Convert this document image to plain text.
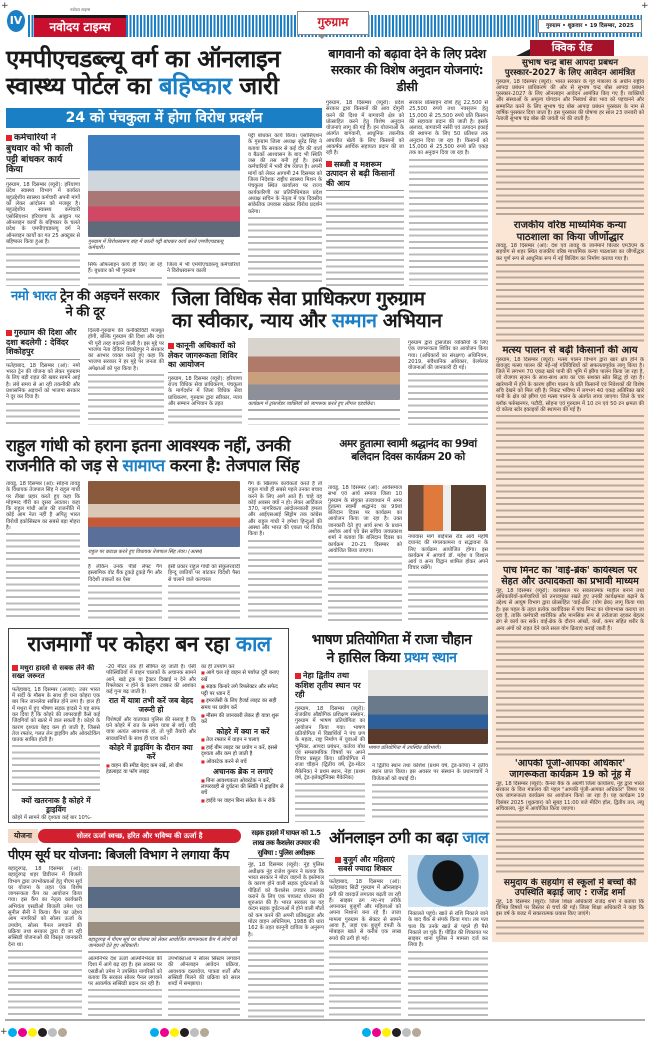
IV	नवोदय टाइम्स
नवोदय टाइम्स
गुरुग्राम	गुरुग्राम • शुक्रवार • 19 दिसम्बर, 2025
एमपीएचडब्ल्यू वर्ग का ऑनलाइन
स्वास्थ्य पोर्टल का बहिष्कार जारी
24 को पंचकुला में होगा विरोध प्रदर्शन
कर्मचारियों ने बुधवार को भी काली पट्टी बांधकर कार्य किया
गुरुग्राम, 18 दिसम्बर (ब्यूरो): हरियाणा प्रदेश स्वास्थ्य विभाग में कार्यरत बहुउद्देशीय स्वास्थ्य कर्मचारी अपनी मांगों को लेकर आंदोलन को मजबूर है। बहुउद्देशीय स्वास्थ्य कर्मचारी एसोसिएशन हरियाणा के आह्वान पर ऑनलाइन कार्यों के बहिष्कार के चलते प्रदेश के एमपीएचडब्ल्यू वर्ग ने ऑनलाइन कार्यों का गत 25 अक्टूबर से बहिष्कार किया हुआ है।	गुरुग्राम में विरोधस्वरूप बांह में काली पट्टी बांधकर कार्य करते एमपीएचडब्ल्यू कर्मचारी।
सिर्फ ऑफलाइन कार्य ही किए जा रहे हैं। बुधवार को भी गुरुग्राम
जिला में भी एमपीएचडब्ल्यू कर्मचारियों ने विरोधस्वरूप काली
पट्टी बांधकर कार्य किया। एसोसिएशन के गुरुग्राम जिला अध्यक्ष सुरेंद्र सिंह ने बताया कि सरकार से कई दौर की वार्ता व बैठकों आश्वासन के बाद भी स्थिति जस की तस बनी हुई है। इससे कर्मचारियों में भारी रोष व्याप्त है। अपनी मांगों को लेकर आगामी 24 दिसम्बर को जिला निदेशक राष्ट्रीय स्वास्थ्य मिशन के पंचकुला स्थित कार्यालय पर राज्य कार्यकारिणी का प्रतिनिधिमंडल प्रदेश अध्यक्ष सचिन के नेतृत्व में एक दिवसीय सांकेतिक उपवास रखकर विरोध प्रदर्शन करेगा।
बागवानी को बढ़ावा देने के लिए प्रदेश सरकार की विशेष अनुदान योजनाएं: डीसी
गुरुग्राम, 18 दिसम्बर (ब्यूरो): प्रदेश सरकार द्वारा किसानों की आय दोगुनी करने की दिशा में बागवानी क्षेत्र को प्रोत्साहित करने हेतु विशेष अनुदान योजनाएं लागू की गई हैं। इन योजनाओं के अंतर्गत बागवानी, आधुनिक तकनीक आधारित खेती के लिए किसानों को आकर्षक आर्थिक सहायता प्रदान की जा रही है।
सब्जी व मशरूम उत्पादन से बढ़ी किसानों की आय
सरकार प्रोत्साहन राशि हेतु 22,500 से 25,500 रुपये तथा नवसृजन हेतु 15,000 से 25,500 रुपये प्रति किसान की सहायता प्रदान की जाती है। इसके अलावा, बागवानी नर्सरी एवं उत्पादन इकाई की स्थापना के लिए 50 प्रतिशत तक अनुदान दिया जा रहा है। किसानों को 15,000 से 25,500 रुपये प्रति एकड़ तक का अनुदान दिया जा रहा है।
क्विक रीड
सुभाष चन्द्र बोस आपदा प्रबंधन पुरस्कार-2027 के लिए आवेदन आमंत्रित
गुरुग्राम, 18 दिसम्बर (ब्यूरो): भारत सरकार के गृह मंत्रालय के अधीन राष्ट्रीय आपदा प्रबंधन प्राधिकरण की ओर से सुभाष चन्द्र बोस आपदा प्रबंधन पुरस्कार-2027 के लिए ऑनलाइन आवेदन आमंत्रित किए गए हैं। व्यक्तियों और संस्थाओं के अमूल्य योगदान और निस्वार्थ सेवा भाव को पहचानने और सम्मानित करने के लिए सुभाष चंद्र बोस आपदा प्रबंधन पुरस्कार के नाम से वार्षिक पुरस्कार दिया जाता है। इस पुरस्कार की घोषणा हर साल 23 जनवरी को नेताजी सुभाष चंद्र बोस की जयंती पर की जाती है।
राजकीय वरिष्ठ माध्यमिक कन्या पाठशाला का किया जीर्णोद्धार
तावडू, 18 दिसम्बर (आं): देश एवं तावडू के जानेमाने बिल्डर एम3एम के सहयोग से शहर स्थित राजकीय वरिष्ठ माध्यमिक कन्या पाठशाला का जीर्णोद्धार कर पूर्ण रूप से आधुनिक रूप में नई बिल्डिंग का निर्माण कराया गया है।
मत्स्य पालन से बढ़ी किसानों की आय
गुरुग्राम, 18 दिसम्बर (ब्यूरो): मत्स्य पालन विभाग द्वारा खारे क्षेत्र होने के बावजूद मत्स्य पालन की नई-नई गतिविधियों को सफलतापूर्वक लागू किया है। जिले में लगभग 70 एकड़ खारे पानी की भूमि में झींगा पालन किया जा रहा है, जो रोजगार सृजन के साथ-साथ आय का एक सशक्त स्रोत सिद्ध हो रहा है। खारेपानी में होने के कारण झींगा पालन के प्रति किसानों एवं निवेशकों की विशेष रुचि देखने को मिल रही है। निकट भविष्य में लगभग 40 एकड़ अतिरिक्त खारे पानी के क्षेत्र को झींगा एवं मत्स्य पालन के अंतर्गत लाया जाएगा। जिले के चार ब्लॉक फर्रुखनगर, पटौदी, सोहना एवं गुरुग्राम में 10 टन एवं 50 टन क्षमता की दो कोल्ड स्टोर इकाइयों की स्थापना की गई है।
पांच मिनट का 'वाई-ब्रेक' कार्यस्थल पर सेहत और उत्पादकता का प्रभावी माध्यम
नूंह, 18 दिसम्बर (ब्यूरो): कार्यस्थल पर सकारात्मक माहौल बनाने तथा अधिकारियों-कर्मचारियों को तनावमुक्त रखते हुए उनकी कार्यक्षमता बढ़ाने के उद्देश्य से आयुष विभाग द्वारा प्रोत्साहित 'वाई-ब्रेक' (योग ब्रेक) लागू किया गया है। इस पहल के तहत प्रत्येक कार्यदिवस में पांच मिनट का योगाभ्यास कराया जा रहा है, ताकि कर्मचारी शारीरिक और मानसिक रूप से तरोताजा रहकर बेहतर ढंग से कार्य कर सकें। वाई-ब्रेक के दौरान आंखों, कंधों, कमर सहित शरीर के अन्य अंगों को राहत देने वाले सरल योग क्रियाएं कराई जाती हैं।
'आपकी पूंजी-आपका अधिकार' जागरूकता कार्यक्रम 19 को नूंह में
नूंह, 18 दिसम्बर (ब्यूरो): कैनरा बैंक के अग्रणी जिला कार्यालय, नूंह द्वारा भारत सरकार के वित्त मंत्रालय की पहल "आपकी पूंजी-आपका अधिकार" विषय पर एक जागरूकता कार्यक्रम का आयोजन किया जा रहा है। यह कार्यक्रम 19 दिसंबर 2025 (शुक्रवार) को सुबह 11:00 बजे मीटिंग हॉल, द्वितीय तल, लघु सचिवालय, नूंह में आयोजित किया जाएगा।
समुदाय के सहयोग से स्कूलों में बच्चों की उपस्थिति बढ़ाई जाए : राजेंद्र शर्मा
नूंह, 18 दिसम्बर (ब्यूरो): जिला शिक्षा अधिकारी राजेंद्र शर्मा ने बताया कि विभिन्न विषयों पर विस्तार से चर्चा की गई। जिला शिक्षा अधिकारी ने कहा कि इस वर्ष के बजट में सकारात्मक प्रयास किए जाएंगे।
नमो भारत ट्रेन की अड़चनें सरकार ने की दूर
गुरुग्राम की दिशा और दशा बदलेगी : देविंदर शिकोहपुर
फतेहाबाद, 18 दिसम्बर (आं): नमो भारत ट्रेन की योजना को लेकर गुरुग्राम के लिए बड़ी राहत की खबर सामने आई है। लंबे समय से आ रही तकनीकी और प्रशासनिक अड़चनों को भाजपा सरकार ने दूर कर दिया है।
दिल्ली-गुरुग्राम की कनेक्टिविटी मजबूत होगी, बल्कि गुरुग्राम की दिशा और दशा भी पूरी तरह बदलने वाली है। इस मुद्दे पर भाजपा नेता देविंदर शिकोहपुर ने सरकार का आभार व्यक्त करते हुए कहा कि भाजपा सरकार ने हर मुद्दे पर जनता की अपेक्षाओं को पूरा किया है।
जिला विधिक सेवा प्राधिकरण गुरुग्राम
का स्वीकार, न्याय और सम्मान अभियान
कानूनी अधिकारों को लेकर जागरूकता शिविर का आयोजन
गुरुग्राम, 18 दिसम्बर (ब्यूरो): हरियाणा राज्य विधिक सेवा प्राधिकरण, पंचकूला के मार्गदर्शन में जिला विधिक सेवा प्राधिकरण, गुरुग्राम द्वारा स्वीकार, न्याय और सम्मान अभियान के तहत	कार्यक्रम में ट्रांसजेंडर व्यक्तियों को जागरूक करते हुए लीगल एडवोकेट।
गुरुग्राम द्वारा ट्रांसजेंडर व्यक्तियों के लिए एक जागरूकता शिविर का आयोजन किया गया। (अधिकारों का संरक्षण) अधिनियम, 2019, संवैधानिक अधिकार, वेलफेयर योजनाओं की जानकारी दी गई।
राहुल गांधी को हराना इतना आवश्यक नहीं, उनकी
राजनीति को जड़ से सामाप्त करना है: तेजपाल सिंह
तावडू, 18 दिसम्बर (आं): सोहना तावडू के विधायक तेजपाल सिंह ने राहुल गांधी पर तीखा प्रहार करते हुए कहा कि मोहम्मद गौरी का दूसरा अवतार। कहा कि राहुल गांधी आज की राजनीति में कोई आम नेता नहीं है अपितु भारत विरोधी इकोसिस्टम का सबसे बड़ा मोहरा है।
राहुल पर कटाक्ष करते हुए विधायक तेजपाल सिंह तंवर। (आसर)
है लेकिन उनके पीछे लेफ्ट गैंग इस्लामिक वोट बैंक टुकड़े टुकड़े गैंग और विदेशी ताकतों का ऐसा
इसी प्रकार राहुल गांधी को सेकुलरवादी हिन्दू जातियों पर बांटकर विदेशी पैसा से चलाने वाले कल्चरल
गैंग के खिलाफ कार्यकर्ता करते हैं तो राहुल गांधी ही सबसे पहले उनका बचाव करने के लिए आगे आते हैं। चाहे वह कोई अवसर क्यों न हो। लेकर आर्टिकल 370, नागरिकता आंदोलनकारी हमला और आईएसआई सिंड्रोम तक कांग्रेस और राहुल गांधी ने हमेशा हिन्दुओं की आस्था और भारत की एकता पर विरोध किया है।
अमर हुतात्मा स्वामी श्रद्धानंद का 99वां बलिदान दिवस कार्यक्रम 20 को
तावडू, 18 दिसम्बर (आं): आर्यसमाज सभा एवं आर्य समाज जिला 10 गुरुग्राम के संयुक्त तत्वावधान में अमर हुतात्मा स्वामी श्रद्धानंद का 99वां बलिदान दिवस पर कार्यक्रम का आयोजन किया जा रहा है। उक्त जानकारी देते हुए आर्य सभा के प्रधान अशोक आर्य एवं प्रेस सचिव जयप्रकाश शर्मा ने बताया कि बलिदान दिवस का कार्यक्रम 20-21 दिसम्बर को आयोजित किया जाएगा।
नपावास मार्ग बाईपास रोड आर्य महर्षि दयानंद की मंगलकामना व सद्भावना के लिए कार्यक्रम आयोजित होगा। इस कार्यक्रम में आचार्य डॉ. महेश व विशाल आर्य व अन्य विद्वान शामिल होकर अपने विचार रखेंगे।
राजमार्गों पर कोहरा बन रहा काल
मथुरा हादसे से सबक लेने की सख्त जरूरत
फतेहाबाद, 18 दिसम्बर (अजय): उत्तर भारत में सर्दी के मौसम के साथ ही घना कोहरा एक बार फिर जानलेवा साबित होने लगा है। हाल ही में मथुरा में हुए भीषण सड़क हादसे ने यह साफ कर दिया है कि कोहरे की लापरवाही कैसे कई जिंदगियों को खतरे में डाल सकती है। कोहरे के कारण दृश्यता बेहद कम हो जाती है, जिससे तेज रफ्तार, गलत लेन ड्राइविंग और ओवरटेकिंग घातक साबित होती है।
क्यों खतरनाक है कोहरे में ड्राइविंग
कोहरे में सामने की दृश्यता कई बार 10%-
-20 मीटर तक ही सीमित रह जाती है। ऐसी परिस्थितियों में वाहन चालकों के अचानक सामने आने, खड़े ट्रक या ट्रैक्टर दिखाई न देने और रिफ्लेक्टर न होने के कारण टक्कर की आशंका कई गुना बढ़ जाती है।
रात में यात्रा तभी करें जब बेहद जरूरी हो
विशेषज्ञों और यातायात पुलिस की सलाह है कि घने कोहरे में रात के समय यात्रा से बचें। यदि यात्रा अत्यंत आवश्यक हो, तो पूरी तैयारी और सावधानियों के साथ ही यात्रा करें।
कोहरे में ड्राइविंग के दौरान क्या करें
■ वाहन की स्पीड बेहद कम रखें, लो बीम हेडलाइट या फॉग लाइट
का ही उपयोग करें
■ आगे चल रहे वाहन से पर्याप्त दूरी बनाए रखें
■ सड़क किनारे लगे रिफ्लेक्टर और सफेद पट्टी पर ध्यान दें
■ इमरजेंसी के लिए हैजर्ड लाइट का सही समय पर प्रयोग करें
■ मौसम की जानकारी लेकर ही यात्रा शुरू करें
कोहरे में क्या न करें
■ तेज रफ्तार में वाहन न चलाएं
■ हाई बीम लाइट का प्रयोग न करें, इससे दृश्यता और कम हो जाती है
■ ओवरटेक करने से बचें
अचानक ब्रेक न लगाएं
■ बिना आवश्यकता ओवरटेक न करें, लापरवाही से दुर्घटना की स्थिति में ड्राइविंग से बचें
■ हाईवे पर वाहन बिना संकेत के न रोकें
भाषण प्रतियोगिता में राजा चौहान
ने हासिल किया प्रथम स्थान
नेहा द्वितीय तथा कशिश तृतीय स्थान पर रही
गुरुग्राम, 18 दिसम्बर (ब्यूरो): राजकीय औद्योगिक प्रशिक्षण संस्थान, गुरुग्राम में भाषण प्रतियोगिता का आयोजन किया गया। भाषण प्रतियोगिता में विद्यार्थियों ने पंच प्रण के महत्व, राष्ट्र निर्माण में युवाओं की भूमिका, आपदा प्रबंधन, कर्तव्य बोध एवं समसामयिक विषयों पर अपने विचार प्रस्तुत किए। प्रतियोगिता में राजा चौहान (द्वितीय वर्ष, ट्रेड-मोटर मैकेनिक) ने प्रथम स्थान, नेहा (प्रथम वर्ष, ट्रेड-इलेक्ट्रॉनिक्स मैकेनिक)
भाषण प्रतियोगिता में उपस्थित प्रतिभागी।
ने द्वितीय स्थान तथा कशिश (प्रथम वर्ष, ट्रेड-कोपा) ने तृतीय स्थान प्राप्त किया। इस अवसर पर संस्थान के प्रधानाचार्य ने विजेताओं को बधाई दी।
योजना	सोलर ऊर्जा स्वच्छ, हरित और भविष्य की ऊर्जा है
पीएम सूर्य घर योजना: बिजली विभाग ने लगाया कैंप
बहादुरगढ़, 18 दिसम्बर (आं): बहादुरगढ़ शहर डिवीजन में बिजली विभाग द्वारा उपभोक्ताओं हेतु पीएम सूर्य घर योजना के तहत एक विशेष जागरूकता कैंप का आयोजन किया गया। इस कैंप का नेतृत्व कार्यकारी अभियंता एसडीओ बिजली उमेश एवं सुनील सैनी ने किया। कैंप का उद्देश्य आम नागरिकों को सोलर ऊर्जा के उपयोग, सोलर पैनल लगवाने की प्रक्रिया तथा सरकार द्वारा दी जा रही सब्सिडी योजनाओं की विस्तृत जानकारी देना था।
बहादुरगढ़ में पीएम सूर्य घर योजना को लेकर आयोजित जागरूकता कैंप में लोगों को जानकारी देते हुए अधिकारी।
आत्मनिर्भर देश ऊर्जा आत्मनिर्भरता की दिशा में आगे बढ़ रहा है। इस अवसर पर एसडीओ उमेश ने उपस्थित नागरिकों को बताया कि सरकार सोलर पैनल लगवाने पर आकर्षक सब्सिडी प्रदान कर रही है।
उपभोक्ताओं ने सोलर सिस्टम लगवाने की ऑनलाइन आवेदन प्रक्रिया, आवश्यक दस्तावेज, पात्रता शर्तों और सब्सिडी मिलने की प्रक्रिया को सरल शब्दों में समझाया।
सड़क हादसे में घायल को 1.5 लाख तक कैशलेस उपचार की सुविधा : पुलिस अधीक्षक
नूंह, 18 दिसम्बर (ब्यूरो): नूंह पुलिस अधीक्षक नूंह राजेश कुमार ने बताया कि भारत सरकार ने मोटर वाहनों के इस्तेमाल के कारण होने वाली सड़क दुर्घटनाओं के पीड़ितों को कैशलेस उपचार उपलब्ध कराने के लिए एक पायलट योजना की शुरुआत की है। भारत सरकार का यह कदम सड़क दुर्घटनाओं में होने वाली मौतों को कम करने की अपनी प्रतिबद्धता और मोटर वाहन अधिनियम, 1988 की धारा 162 के तहत कानूनी दायित्व के अनुरूप है।
ऑनलाइन ठगी का बढ़ा जाल
बुजुर्ग और महिलाएं सबसे ज्यादा शिकार
फतेहाबाद, 18 दिसम्बर (आं): फतेहाबाद सिटी गुरुग्राम में ऑनलाइन ठगी की वारदातें लगातार बढ़ती जा रही हैं। साइबर ठग नए-नए तरीके अपनाकर बुजुर्गों और महिलाओं को अपना निशाना बना रहे हैं। ताजा मामला गुरुग्राम के सेक्टर से सामने आया है, जहां एक बुजुर्ग दंपती के मोबाइल खाते से करीब एक लाख रुपये की ठगी हो गई।
निकालते पहुंचे। खाते से राशि निकाले जाने के बाद बैंक से संपर्क किया गया। तब पता चला कि उनके खाते से पहले ही पैसे निकाले जा चुके हैं। पीड़ित की शिकायत पर साइबर थाना पुलिस ने मामला दर्ज कर लिया है।
+
+	+
